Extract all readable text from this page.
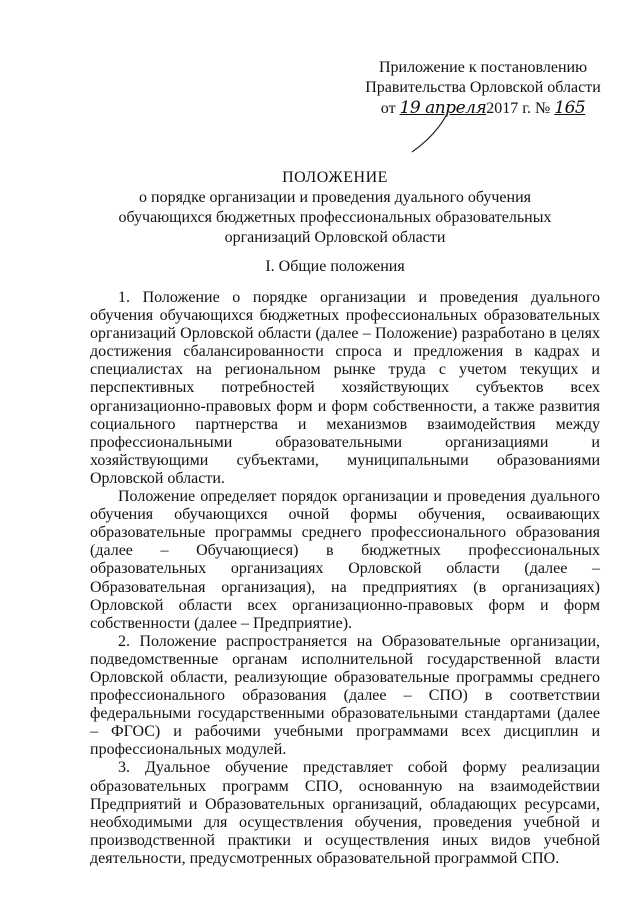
Приложение к постановлению
Правительства Орловской области
от 19 апреля2017 г. № 165
ПОЛОЖЕНИЕ
о порядке организации и проведения дуального обучения
обучающихся бюджетных профессиональных образовательных
организаций Орловской области
I. Общие положения

1. Положение о порядке организации и проведения дуального обучения обучающихся бюджетных профессиональных образовательных организаций Орловской области (далее – Положение) разработано в целях достижения сбалансированности спроса и предложения в кадрах и специалистах на региональном рынке труда с учетом текущих и перспективных потребностей хозяйствующих субъектов всех организационно-правовых форм и форм собственности, а также развития социального партнерства и механизмов взаимодействия между профессиональными образовательными организациями и хозяйствующими субъектами, муниципальными образованиями Орловской области.

Положение определяет порядок организации и проведения дуального обучения обучающихся очной формы обучения, осваивающих образовательные программы среднего профессионального образования (далее – Обучающиеся) в бюджетных профессиональных образовательных организациях Орловской области (далее – Образовательная организация), на предприятиях (в организациях) Орловской области всех организационно-правовых форм и форм собственности (далее – Предприятие).

2. Положение распространяется на Образовательные организации, подведомственные органам исполнительной государственной власти Орловской области, реализующие образовательные программы среднего профессионального образования (далее – СПО) в соответствии федеральными государственными образовательными стандартами (далее – ФГОС) и рабочими учебными программами всех дисциплин и профессиональных модулей.

3. Дуальное обучение представляет собой форму реализации образовательных программ СПО, основанную на взаимодействии Предприятий и Образовательных организаций, обладающих ресурсами, необходимыми для осуществления обучения, проведения учебной и производственной практики и осуществления иных видов учебной деятельности, предусмотренных образовательной программой СПО.
